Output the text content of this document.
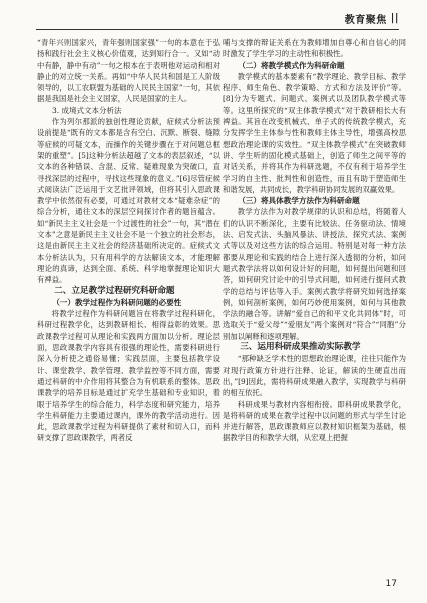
教育聚焦 ||

“青年兴则国家兴，青年强则国家强”一句的本意在于弘扬和践行社会主义核心价值观，达到知行合一。又如“动中有静，静中有动”一句之根本在于表明他对运动和相对静止的对立统一关系。再如“中华人民共和国是工人阶级领导的，以工农联盟为基础的人民民主国家”一句，其依据是我国是社会主义国家，人民是国家的主人。

3. 成境式文本分析法

作为列尔那派的独创性理论贡献，症候式分析法预设前提是“既有的文本都是含有空白、沉默、断裂、缝隙等症候的可疑文本，而操作的关键步骤在于对问题总框架的重塑”。[5]这种分析法超越了文本的表层叙述，“以文本的各种错误、含混、反常、疑难现象为突破口，直寻找深层的过程中，寻找这些现象的意义。”[6]尽管症候式阅读法广泛运用于文艺批评领域，但将其引入思政课教学中依然很有必要，可通过对教材文本“疑难杂症”的综合分析，通往文本的深层空间探讨作者的题旨蕴含。如“新民主主义社会是一个过渡性的社会”一句，其“潜在文本”之意是新民主主义社会不是一个独立的社会形态，这是由新民主主义社会的经济基础所决定的。症候式文本分析法认为，只有用科学的方法解读文本，才能理解理论的真谛，达到全面、系统、科学地掌握理论知识大有裨益。

二、立足教学过程研究科研命题

（一）教学过程作为科研问题的必要性

将教学过程作为科研问题旨在将教学过程科研化，科研过程教学化，达到教研相长、相得益彰的效果。思政课教学过程可从理论和实践两方面加以分析。理论层面，思政课教学内容具有很强的理论性，需要科研进行深入分析使之通俗易懂；实践层面，主要包括教学设计、课堂教学、教学管理、教学监控等不同方面，需要通过科研的中介作用将其整合为有机联系的整体。思政课教学的培养目标是通过扩充学生基础和专业知识，着眼于培养学生的综合能力，科学态度和研究能力，培养学生科研能力主要通过课内，课外的教学活动进行。因此，思政课教学过程为科研提供了素材和切入口，而科研支撑了思政课教学，两者反

哺与支撑的辩证关系在为教师增加自尊心和自信心的同时激发了学生学习的主动性和积极性。

（二）将教学模式作为科研命题

教学模式的基本要素有“教学理论、教学目标、教学程序、师生角色、教学策略、方式和方法及评价”等。[8]分为专题式、问题式、案例式以及团队教学模式等等。这里所探究的“双主体教学模式”对于教研相长大有裨益。其旨在改变机械式、单子式的传统教学模式，充分发挥学生主体参与性和教师主体主导性，增强高校思想政治理论课的实效性。“双主体教学模式”在突破教师讲、学生听的固化模式基础上，创造了师生之间平等的对话关系，并将其作为科研选题，不仅有利于培养学生学习的自主性、批判性和创造性，而且有助于塑造师生和谐发展，共同成长，教学科研协同发展的双赢效果。

（三）将具体教学方法作为科研命题

教学方法作为对教学规律的认识和总结，将随着人们的认识不断深化，主要有比较法、任务驱动法、情境法、启发式法、头脑风暴法、讲授法、探究式法、案例式等以及对这些方法的综合运用。特别是对每一种方法都要从理论和实践的结合上进行深入透彻的分析，如问题式教学法将以如何设计好的问题，如何提出问题和回答，如何研究讨论中的引导式问题，如何进行提问式教学的总结与评估等入手。案例式教学将研究如何选择案例，如何剖析案例，如何巧妙使用案例，如何与其他教学法的融合等。讲解“爱自己的和平文化共同体”时，可选取关于“爱父母”“爱朋友”两个案例对“符合”“同胞”分别加以阐释和逐项理解。

三、运用科研成果推动实际教学

“那种缺乏学术性的思想政治理论课，往往只能作为对现行政策方针进行注释、论证，解读的生硬直出而出，”[9]因此，需将科研成果融入教学，实现教学与科研的相互依托。

科研成果与教材内容相衔接。即科研成果教学化，是将科研的成果在教学过程中以问题的形式与学生讨论并进行解答，思政课教师应以教材知识框架为基础，根据教学目的和教学大纲，从宏观上把握

17
